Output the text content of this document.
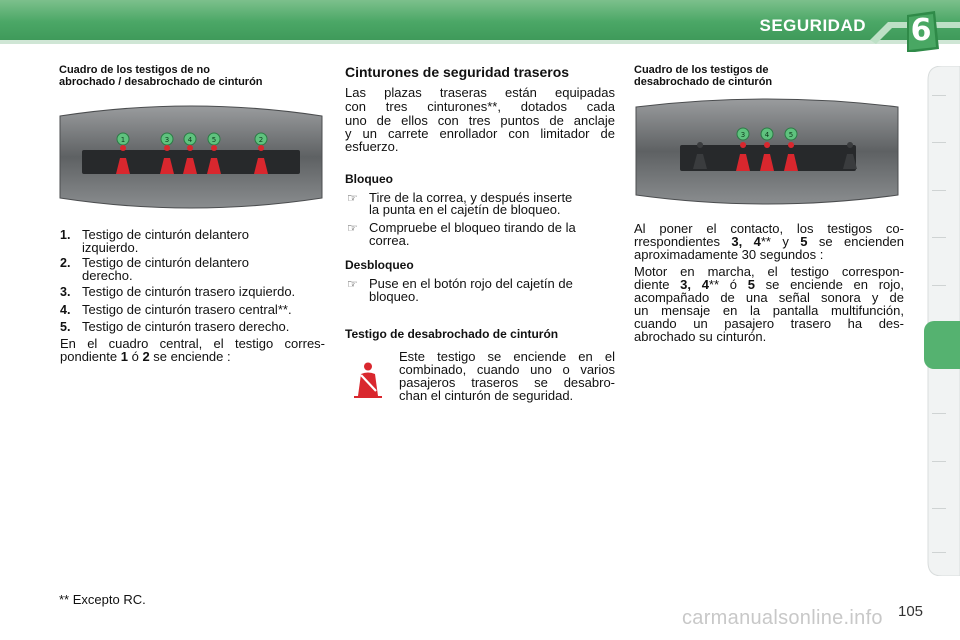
SEGURIDAD 6
Cuadro de los testigos de no
abrochado / desabrochado de cinturón
1	3	4	5	2
1. Testigo de cinturón delantero
izquierdo.
2. Testigo de cinturón delantero
derecho.
3. Testigo de cinturón trasero izquierdo.
4. Testigo de cinturón trasero central**.
5. Testigo de cinturón trasero derecho.
En el cuadro central, el testigo corres-
pondiente 1 ó 2 se enciende :
** Excepto RC.
Cinturones de seguridad traseros
Las plazas traseras están equipadas
con tres cinturones**, dotados cada
uno de ellos con tres puntos de anclaje
y un carrete enrollador con limitador de
esfuerzo.
Bloqueo
☞ Tire de la correa, y después inserte
la punta en el cajetín de bloqueo.
☞ Compruebe el bloqueo tirando de la
correa.
Desbloqueo
☞ Puse en el botón rojo del cajetín de
bloqueo.
Testigo de desabrochado de cinturón
Este testigo se enciende en el
combinado, cuando uno o varios
pasajeros traseros se desabro-
chan el cinturón de seguridad.
Cuadro de los testigos de
desabrochado de cinturón
3	4	5
Al poner el contacto, los testigos co-
rrespondientes 3, 4** y 5 se encienden
aproximadamente 30 segundos :
Motor en marcha, el testigo correspon-
diente 3, 4** ó 5 se enciende en rojo,
acompañado de una señal sonora y de
un mensaje en la pantalla multifunción,
cuando un pasajero trasero ha des-
abrochado su cinturón.
105
carmanualsonline.info
